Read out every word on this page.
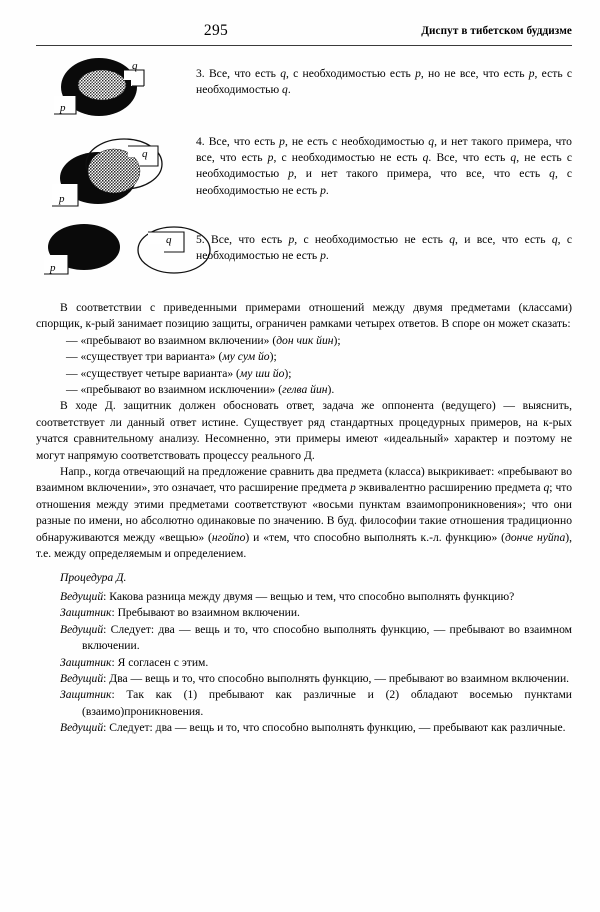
295	Диспут в тибетском буддизме
q
p
3. Все, что есть q, с необходимостью есть p, но не все, что есть p, есть с необходимостью q.
q
p
4. Все, что есть p, не есть с необходимостью q, и нет такого примера, что все, что есть p, с необходимостью не есть q. Все, что есть q, не есть с необходимостью p, и нет такого примера, что все, что есть q, с необходимостью не есть p.
p
q 5. Все, что есть p, с необходимостью не есть q, и все, что есть q, с необходимостью не есть p.

В соответствии с приведенными примерами отношений между двумя предметами (классами) спорщик, к-рый занимает позицию защиты, ограничен рамками четырех ответов. В споре он может сказать:

— «пребывают во взаимном включении» (дон чик йин);

— «существует три варианта» (му сум йо);

— «существует четыре варианта» (му ши йо);

— «пребывают во взаимном исключении» (гелва йин).

В ходе Д. защитник должен обосновать ответ, задача же оппонента (ведущего) — выяснить, соответствует ли данный ответ истине. Существует ряд стандартных процедурных примеров, на к-рых учатся сравнительному анализу. Несомненно, эти примеры имеют «идеальный» характер и поэтому не могут напрямую соответствовать процессу реального Д.

Напр., когда отвечающий на предложение сравнить два предмета (класса) выкрикивает: «пребывают во взаимном включении», это означает, что расширение предмета p эквивалентно расширению предмета q; что отношения между этими предметами соответствуют «восьми пунктам взаимопроникновения»; что они разные по имени, но абсолютно одинаковые по значению. В буд. философии такие отношения традиционно обнаруживаются между «вещью» (нгойпо) и «тем, что способно выполнять к.-л. функцию» (донче нуйпа), т.е. между определяемым и определением.

Процедура Д.

Ведущий: Какова разница между двумя — вещью и тем, что способно выполнять функцию?

Защитник: Пребывают во взаимном включении.

Ведущий: Следует: два — вещь и то, что способно выполнять функцию, — пребывают во взаимном включении.

Защитник: Я согласен с этим.

Ведущий: Два — вещь и то, что способно выполнять функцию, — пребывают во взаимном включении.

Защитник: Так как (1) пребывают как различные и (2) обладают восемью пунктами (взаимо)проникновения.

Ведущий: Следует: два — вещь и то, что способно выполнять функцию, — пребывают как различные.
